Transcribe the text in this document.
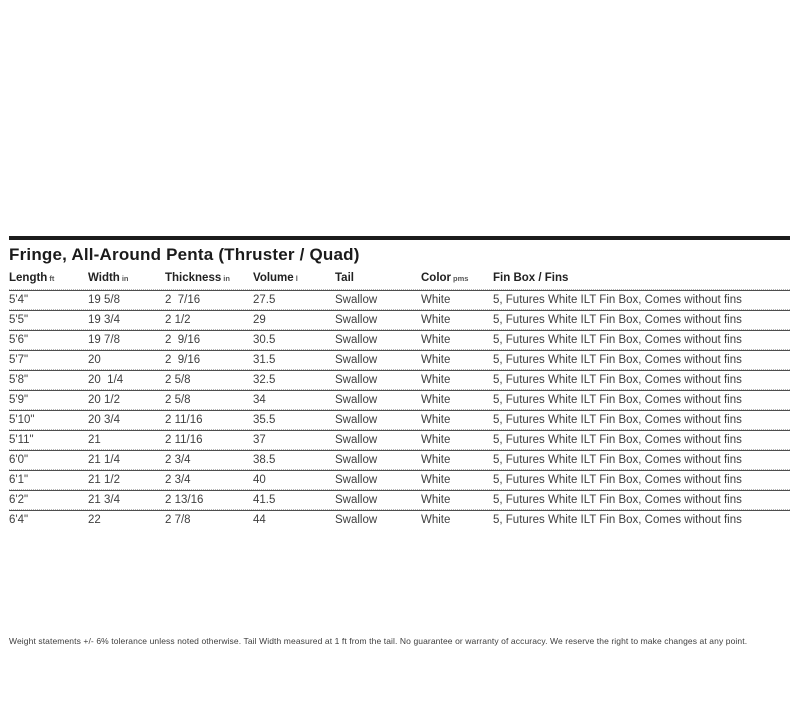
Fringe, All-Around Penta (Thruster / Quad)
Length ft	Width in	Thickness in	Volume l	Tail	Color pms	Fin Box / Fins
5'4"	19 5/8	2  7/16	27.5	Swallow	White	5, Futures White ILT Fin Box, Comes without fins
5'5"	19 3/4	2 1/2	29	Swallow	White	5, Futures White ILT Fin Box, Comes without fins
5'6"	19 7/8	2  9/16	30.5	Swallow	White	5, Futures White ILT Fin Box, Comes without fins
5'7"	20	2  9/16	31.5	Swallow	White	5, Futures White ILT Fin Box, Comes without fins
5'8"	20  1/4	2 5/8	32.5	Swallow	White	5, Futures White ILT Fin Box, Comes without fins
5'9"	20 1/2	2 5/8	34	Swallow	White	5, Futures White ILT Fin Box, Comes without fins
5'10"	20 3/4	2 11/16	35.5	Swallow	White	5, Futures White ILT Fin Box, Comes without fins
5'11"	21	2 11/16	37	Swallow	White	5, Futures White ILT Fin Box, Comes without fins
6'0"	21 1/4	2 3/4	38.5	Swallow	White	5, Futures White ILT Fin Box, Comes without fins
6'1"	21 1/2	2 3/4	40	Swallow	White	5, Futures White ILT Fin Box, Comes without fins
6'2"	21 3/4	2 13/16	41.5	Swallow	White	5, Futures White ILT Fin Box, Comes without fins
6'4"	22	2 7/8	44	Swallow	White	5, Futures White ILT Fin Box, Comes without fins

Weight statements +/- 6% tolerance unless noted otherwise. Tail Width measured at 1 ft from the tail. No guarantee or warranty of accuracy. We reserve the right to make changes at any point.
